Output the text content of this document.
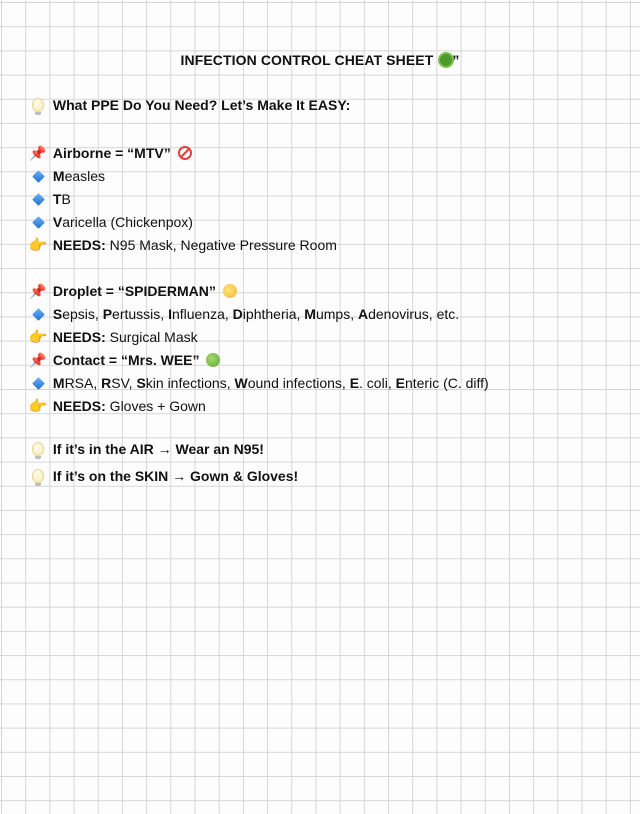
INFECTION CONTROL CHEAT SHEET ”
What PPE Do You Need? Let’s Make It EASY:
📌 Airborne = “MTV”
Measles
TB
Varicella (Chickenpox)
👉 NEEDS: N95 Mask, Negative Pressure Room
📌 Droplet = “SPIDERMAN”
Sepsis, Pertussis, Influenza, Diphtheria, Mumps, Adenovirus, etc.
👉 NEEDS: Surgical Mask
📌 Contact = “Mrs. WEE”
MRSA, RSV, Skin infections, Wound infections, E. coli, Enteric (C. diff)
👉 NEEDS: Gloves + Gown
If it’s in the AIR → Wear an N95!
If it’s on the SKIN → Gown & Gloves!
